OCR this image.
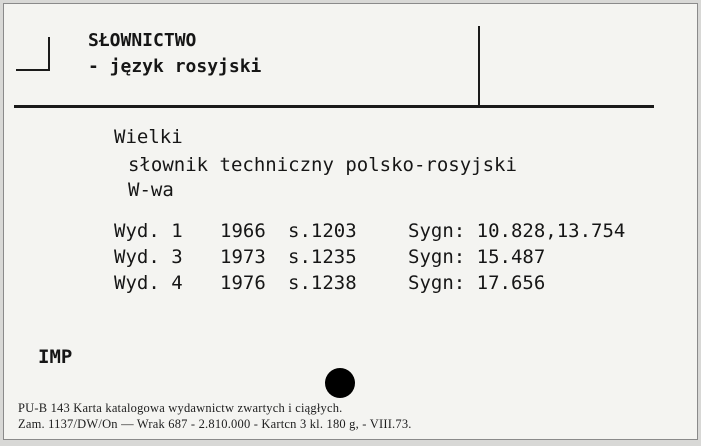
SŁOWNICTWO
- język rosyjski
Wielki
słownik techniczny polsko-rosyjski
W-wa
Wyd. 1 1966 s.1203	Sygn: 10.828,13.754
Wyd. 3 1973 s.1235	Sygn: 15.487
Wyd. 4 1976 s.1238	Sygn: 17.656
IMP
PU-B 143 Karta katalogowa wydawnictw zwartych i ciągłych.
Zam. 1137/DW/On — Wrak 687 - 2.810.000 - Kartcn 3 kl. 180 g, - VIII.73.
